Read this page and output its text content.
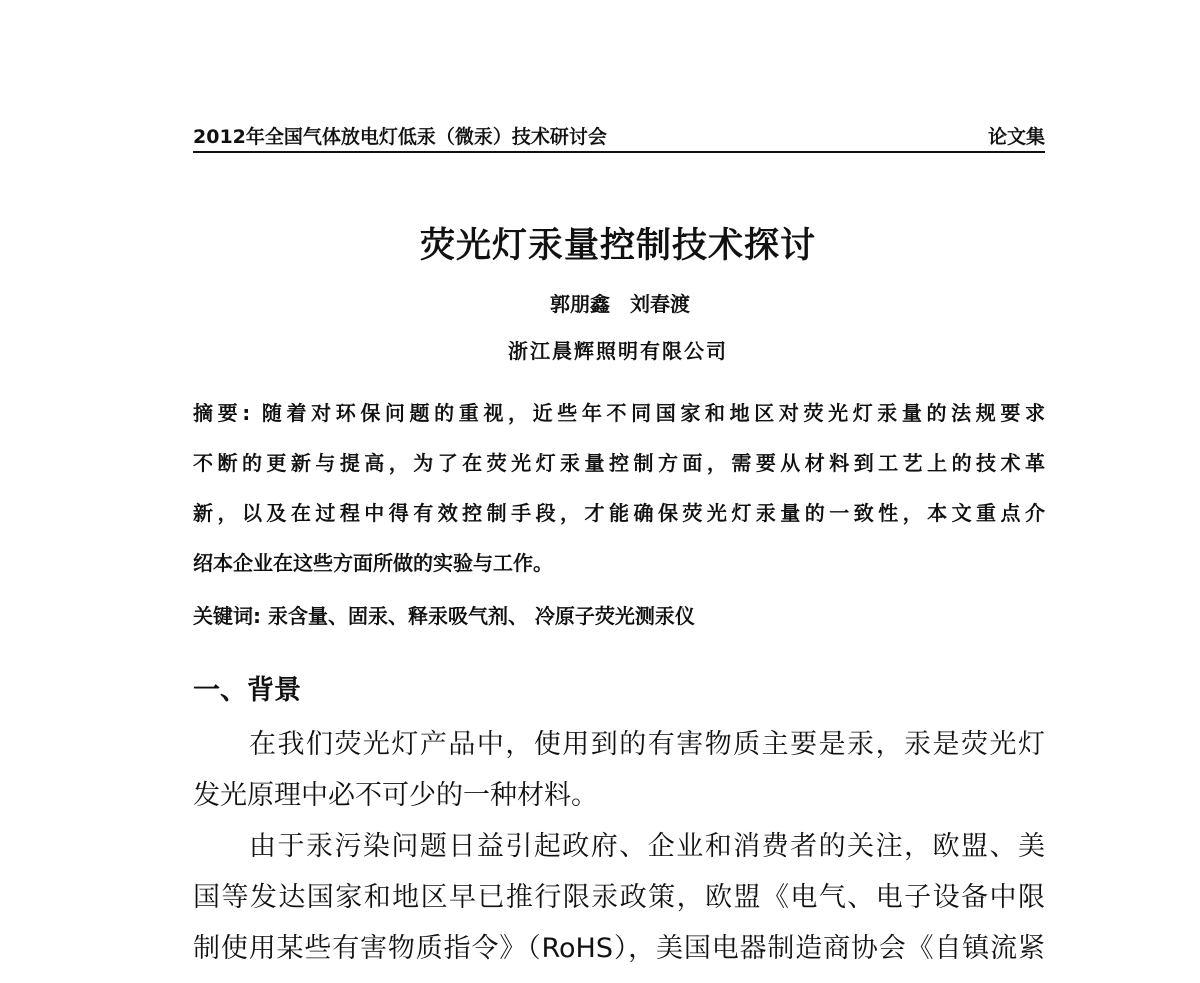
2012年全国气体放电灯低汞（微汞）技术研讨会	论文集
荧光灯汞量控制技术探讨
郭朋鑫　刘春渡
浙江晨辉照明有限公司
摘要: 随着对环保问题的重视，近些年不同国家和地区对荧光灯汞量的法规要求
不断的更新与提高，为了在荧光灯汞量控制方面，需要从材料到工艺上的技术革
新，以及在过程中得有效控制手段，才能确保荧光灯汞量的一致性，本文重点介
绍本企业在这些方面所做的实验与工作。
关键词: 汞含量、固汞、释汞吸气剂、 冷原子荧光测汞仪
一、背景
在我们荧光灯产品中，使用到的有害物质主要是汞，汞是荧光灯
发光原理中必不可少的一种材料。
由于汞污染问题日益引起政府、企业和消费者的关注，欧盟、美
国等发达国家和地区早已推行限汞政策，欧盟《电气、电子设备中限
制使用某些有害物质指令》（RoHS），美国电器制造商协会《自镇流紧
